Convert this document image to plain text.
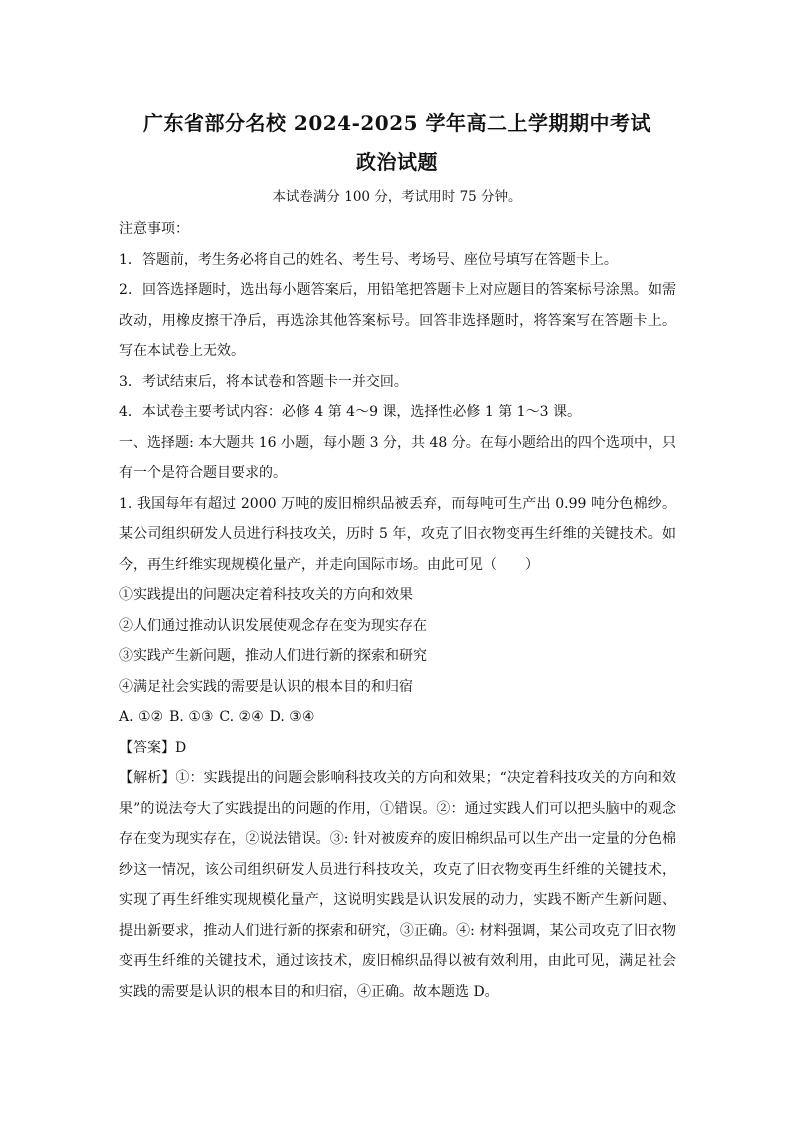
广东省部分名校 2024-2025 学年高二上学期期中考试
政治试题
本试卷满分 100 分，考试用时 75 分钟。

注意事项：

1．答题前，考生务必将自己的姓名、考生号、考场号、座位号填写在答题卡上。

2．回答选择题时，选出每小题答案后，用铅笔把答题卡上对应题目的答案标号涂黑。如需改动，用橡皮擦干净后，再选涂其他答案标号。回答非选择题时，将答案写在答题卡上。写在本试卷上无效。

3．考试结束后，将本试卷和答题卡一并交回。

4．本试卷主要考试内容：必修 4 第 4～9 课，选择性必修 1 第 1～3 课。

一、选择题: 本大题共 16 小题，每小题 3 分，共 48 分。在每小题给出的四个选项中，只有一个是符合题目要求的。

1. 我国每年有超过 2000 万吨的废旧棉织品被丢弃，而每吨可生产出 0.99 吨分色棉纱。某公司组织研发人员进行科技攻关，历时 5 年，攻克了旧衣物变再生纤维的关键技术。如今，再生纤维实现规模化量产，并走向国际市场。由此可见（　　）

①实践提出的问题决定着科技攻关的方向和效果

②人们通过推动认识发展使观念存在变为现实存在

③实践产生新问题，推动人们进行新的探索和研究

④满足社会实践的需要是认识的根本目的和归宿

A. ①② B. ①③ C. ②④ D. ③④

【答案】D

【解析】①：实践提出的问题会影响科技攻关的方向和效果；“决定着科技攻关的方向和效果”的说法夸大了实践提出的问题的作用，①错误。②：通过实践人们可以把头脑中的观念存在变为现实存在，②说法错误。③: 针对被废弃的废旧棉织品可以生产出一定量的分色棉纱这一情况，该公司组织研发人员进行科技攻关，攻克了旧衣物变再生纤维的关键技术，实现了再生纤维实现规模化量产，这说明实践是认识发展的动力，实践不断产生新问题、提出新要求，推动人们进行新的探索和研究，③正确。④: 材料强调，某公司攻克了旧衣物变再生纤维的关键技术，通过该技术，废旧棉织品得以被有效利用，由此可见，满足社会实践的需要是认识的根本目的和归宿，④正确。故本题选 D。
